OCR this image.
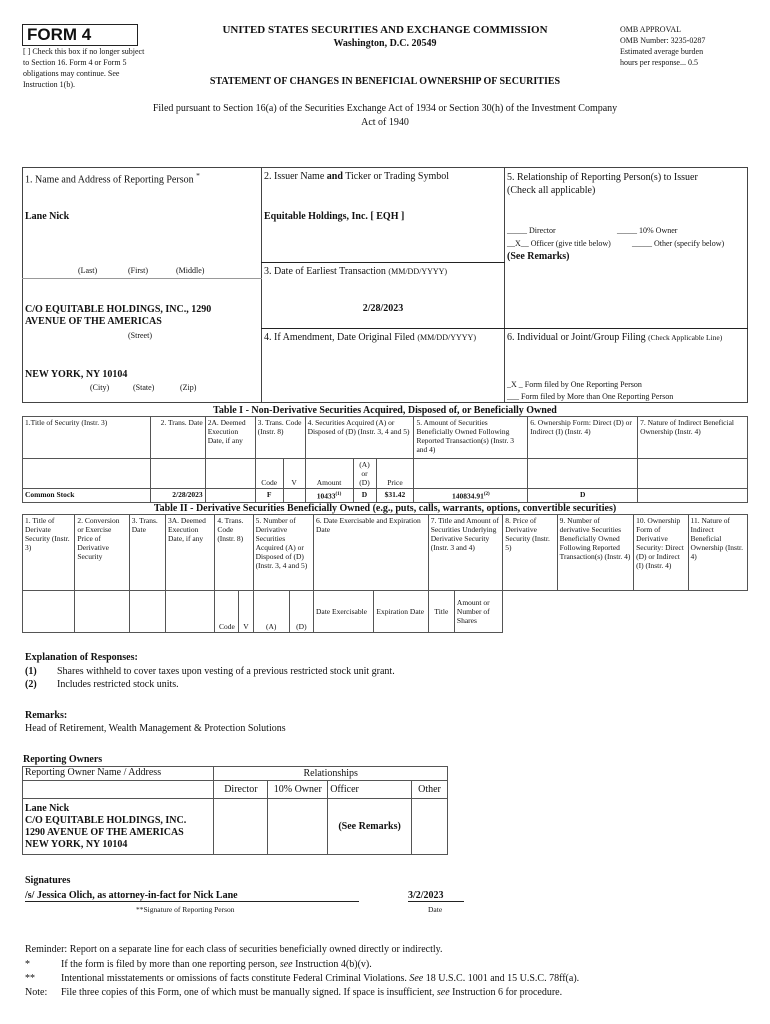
FORM 4
[ ] Check this box if no longer subject to Section 16. Form 4 or Form 5 obligations may continue. See Instruction 1(b).
UNITED STATES SECURITIES AND EXCHANGE COMMISSION
Washington, D.C. 20549
OMB APPROVAL
OMB Number: 3235-0287
Estimated average burden
hours per response... 0.5
STATEMENT OF CHANGES IN BENEFICIAL OWNERSHIP OF SECURITIES
Filed pursuant to Section 16(a) of the Securities Exchange Act of 1934 or Section 30(h) of the Investment Company Act of 1940
1. Name and Address of Reporting Person *
Lane Nick
(Last)	(First)	(Middle)
C/O EQUITABLE HOLDINGS, INC., 1290
AVENUE OF THE AMERICAS
(Street)
NEW YORK, NY 10104
(City)	(State)	(Zip)
2. Issuer Name and Ticker or Trading Symbol
Equitable Holdings, Inc. [ EQH ]
3. Date of Earliest Transaction (MM/DD/YYYY)
2/28/2023
4. If Amendment, Date Original Filed (MM/DD/YYYY)
5. Relationship of Reporting Person(s) to Issuer
(Check all applicable)
_____ Director	_____ 10% Owner
__X__ Officer (give title below)	_____ Other (specify below)
(See Remarks)
6. Individual or Joint/Group Filing (Check Applicable Line)
_X _ Form filed by One Reporting Person
___ Form filed by More than One Reporting Person
Table I - Non-Derivative Securities Acquired, Disposed of, or Beneficially Owned
1.Title of Security (Instr. 3)	2. Trans. Date	2A. Deemed Execution Date, if any	3. Trans. Code (Instr. 8)		4. Securities Acquired (A) or Disposed of (D) (Instr. 3, 4 and 5)			5. Amount of Securities Beneficially Owned Following Reported Transaction(s) (Instr. 3 and 4)	6. Ownership Form: Direct (D) or Indirect (I) (Instr. 4)	7. Nature of Indirect Beneficial Ownership (Instr. 4)
			Code	V	Amount	(A) or (D)	Price			
Common Stock	2/28/2023		F		10433$^{(1)}$	D	$31.42	140834.91$^{(2)}$	D	
Table II - Derivative Securities Beneficially Owned (e.g., puts, calls, warrants, options, convertible securities)
1. Title of Derivate Security (Instr. 3)	2. Conversion or Exercise Price of Derivative Security	3. Trans. Date	3A. Deemed Execution Date, if any	4. Trans. Code (Instr. 8)		5. Number of Derivative Securities Acquired (A) or Disposed of (D) (Instr. 3, 4 and 5)		6. Date Exercisable and Expiration Date		7. Title and Amount of Securities Underlying Derivative Security (Instr. 3 and 4)		8. Price of Derivative Security (Instr. 5)	9. Number of derivative Securities Beneficially Owned Following Reported Transaction(s) (Instr. 4)	10. Ownership Form of Derivative Security: Direct (D) or Indirect (I) (Instr. 4)	11. Nature of Indirect Beneficial Ownership (Instr. 4)
				Code	V	(A)	(D)	Date Exercisable	Expiration Date	Title	Amount or Number of Shares				
Explanation of Responses:
(1) Shares withheld to cover taxes upon vesting of a previous restricted stock unit grant.
(2) Includes restricted stock units.
Remarks:
Head of Retirement, Wealth Management & Protection Solutions
Reporting Owners
Reporting Owner Name / Address	Relationships			
	Director	10% Owner	Officer	Other

Lane Nick
C/O EQUITABLE HOLDINGS, INC.
1290 AVENUE OF THE AMERICAS
NEW YORK, NY 10104			(See Remarks)	
Signatures
/s/ Jessica Olich, as attorney-in-fact for Nick Lane	3/2/2023
**Signature of Reporting Person	Date
Reminder: Report on a separate line for each class of securities beneficially owned directly or indirectly.
*	If the form is filed by more than one reporting person, see Instruction 4(b)(v).
**	Intentional misstatements or omissions of facts constitute Federal Criminal Violations. See 18 U.S.C. 1001 and 15 U.S.C. 78ff(a).
Note: File three copies of this Form, one of which must be manually signed. If space is insufficient, see Instruction 6 for procedure.
